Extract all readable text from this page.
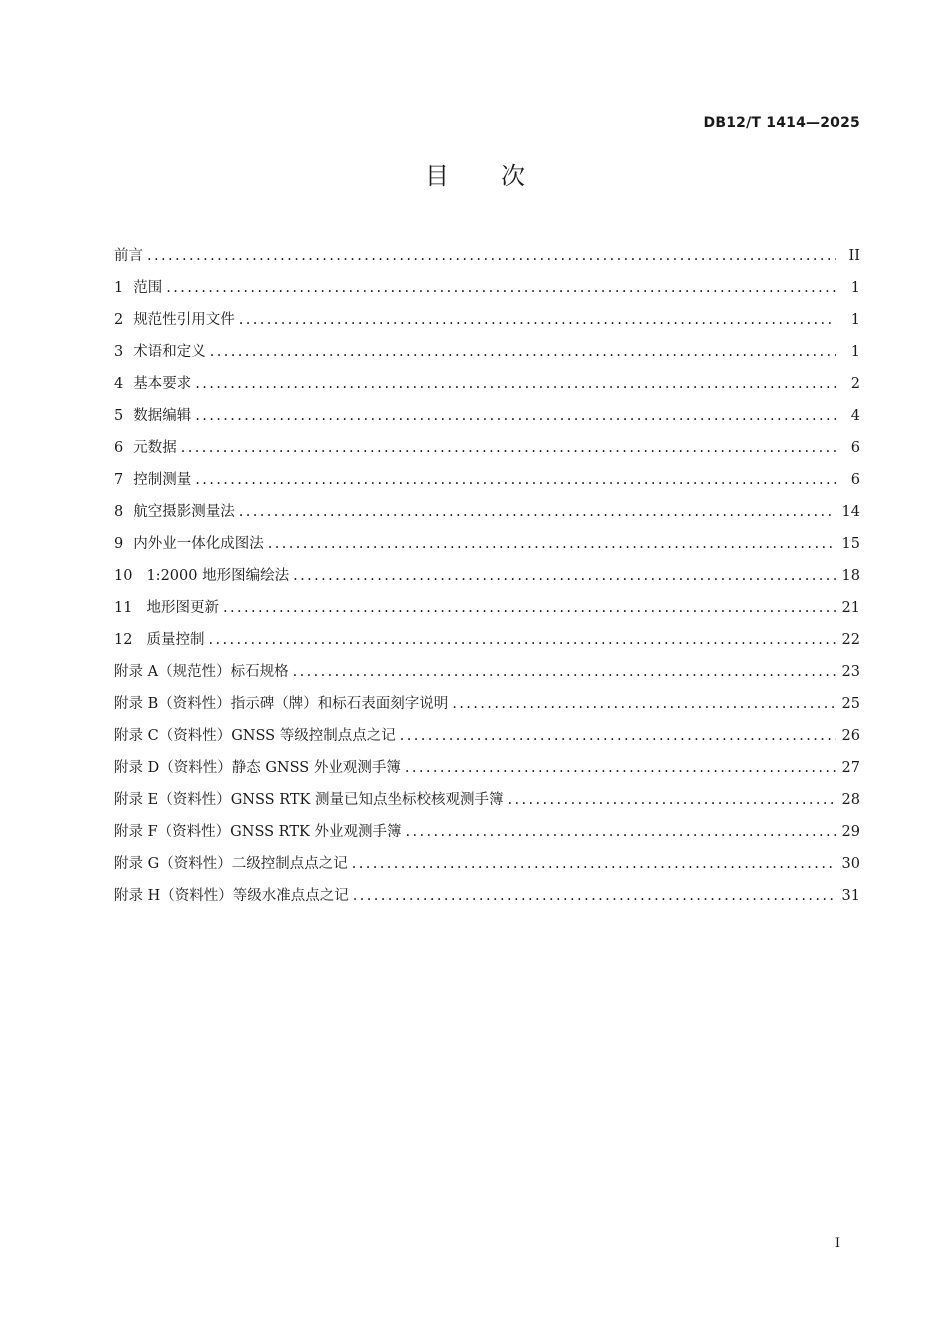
DB12/T 1414—2025
目次
前言 .....	II
1 范围 .....	1
2 规范性引用文件 .....	1
3 术语和定义 .....	1
4 基本要求 .....	2
5 数据编辑 .....	4
6 元数据 .....	6
7 控制测量 .....	6
8 航空摄影测量法 .....	14
9 内外业一体化成图法 .....	15
10 1:2000 地形图编绘法 .....	18
11 地形图更新 .....	21
12 质量控制 .....	22
附录 A（规范性） 标石规格 .....	23
附录 B（资料性） 指示碑（牌）和标石表面刻字说明 .....	25
附录 C（资料性） GNSS 等级控制点点之记 .....	26
附录 D（资料性） 静态 GNSS 外业观测手簿 .....	27
附录 E（资料性） GNSS RTK 测量已知点坐标校核观测手簿 .....	28
附录 F（资料性） GNSS RTK 外业观测手簿 .....	29
附录 G（资料性） 二级控制点点之记 .....	30
附录 H（资料性） 等级水准点点之记 .....	31
I
